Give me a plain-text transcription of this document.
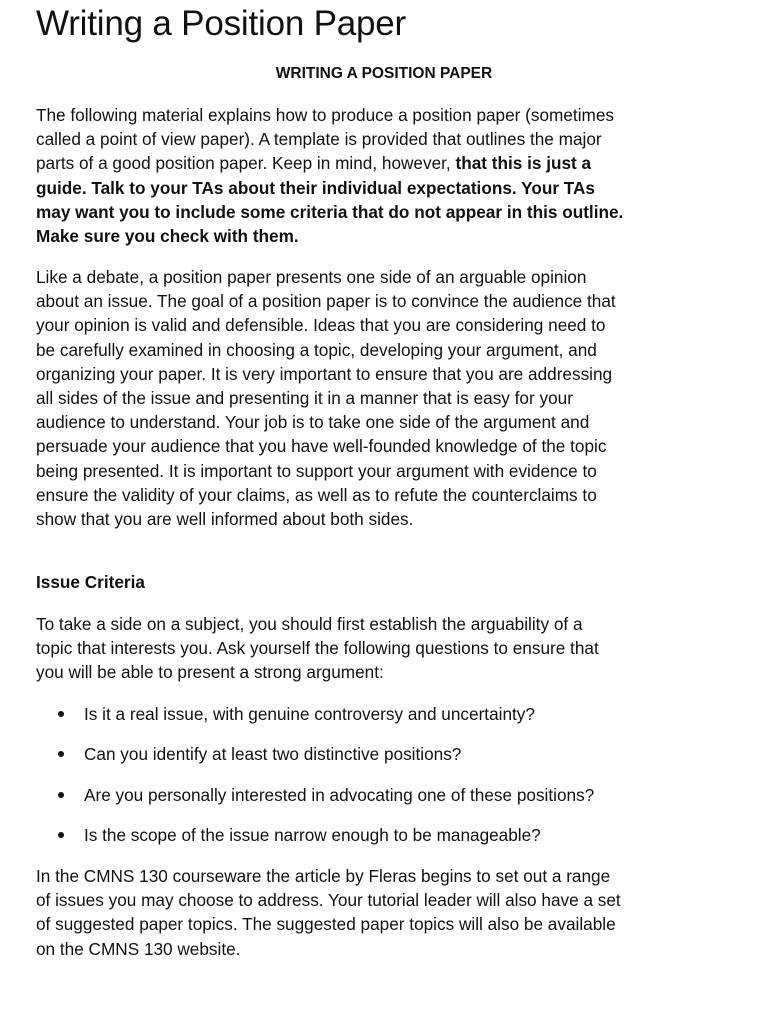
Writing a Position Paper
WRITING A POSITION PAPER

The following material explains how to produce a position paper (sometimes
called a point of view paper). A template is provided that outlines the major
parts of a good position paper. Keep in mind, however, that this is just a
guide. Talk to your TAs about their individual expectations. Your TAs
may want you to include some criteria that do not appear in this outline.
Make sure you check with them.

Like a debate, a position paper presents one side of an arguable opinion
about an issue. The goal of a position paper is to convince the audience that
your opinion is valid and defensible. Ideas that you are considering need to
be carefully examined in choosing a topic, developing your argument, and
organizing your paper. It is very important to ensure that you are addressing
all sides of the issue and presenting it in a manner that is easy for your
audience to understand. Your job is to take one side of the argument and
persuade your audience that you have well-founded knowledge of the topic
being presented. It is important to support your argument with evidence to
ensure the validity of your claims, as well as to refute the counterclaims to
show that you are well informed about both sides.

Issue Criteria

To take a side on a subject, you should first establish the arguability of a
topic that interests you. Ask yourself the following questions to ensure that
you will be able to present a strong argument:

Is it a real issue, with genuine controversy and uncertainty?
Can you identify at least two distinctive positions?
Are you personally interested in advocating one of these positions?
Is the scope of the issue narrow enough to be manageable?

In the CMNS 130 courseware the article by Fleras begins to set out a range
of issues you may choose to address. Your tutorial leader will also have a set
of suggested paper topics. The suggested paper topics will also be available
on the CMNS 130 website.
